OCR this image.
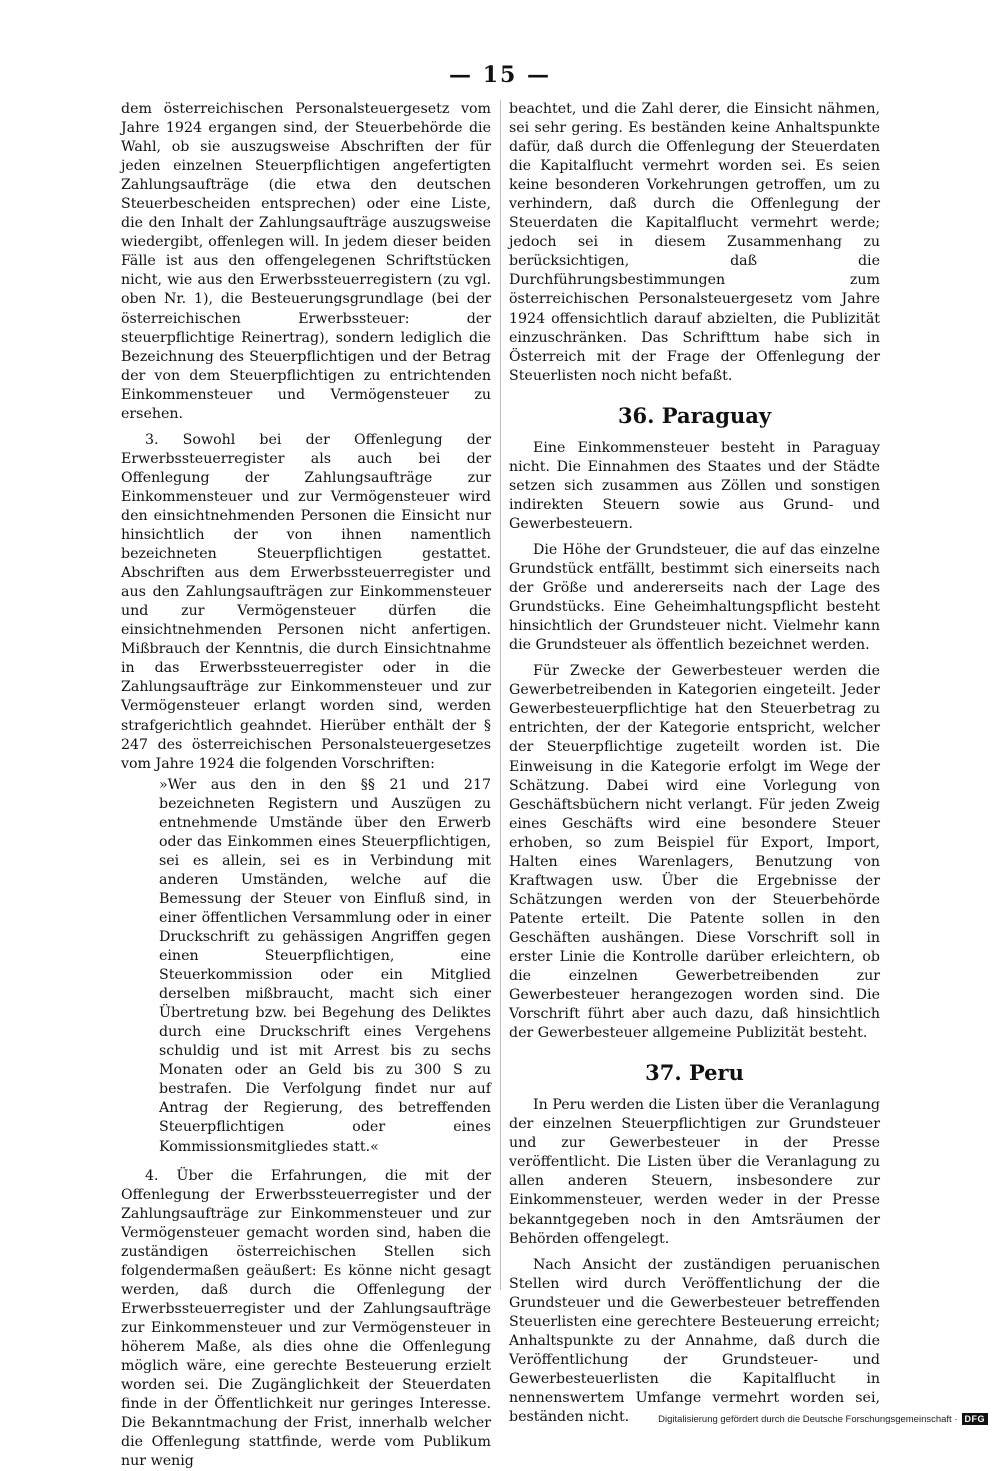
— 15 —

dem österreichischen Personalsteuergesetz vom Jahre 1924 ergangen sind, der Steuerbehörde die Wahl, ob sie auszugsweise Abschriften der für jeden einzelnen Steuerpflichtigen angefertigten Zahlungsaufträge (die etwa den deutschen Steuerbescheiden entsprechen) oder eine Liste, die den Inhalt der Zahlungsaufträge auszugsweise wiedergibt, offenlegen will. In jedem dieser beiden Fälle ist aus den offengelegenen Schriftstücken nicht, wie aus den Erwerbssteuerregistern (zu vgl. oben Nr. 1), die Besteuerungsgrundlage (bei der österreichischen Erwerbssteuer: der steuerpflichtige Reinertrag), sondern lediglich die Bezeichnung des Steuerpflichtigen und der Betrag der von dem Steuerpflichtigen zu entrichtenden Einkommensteuer und Vermögensteuer zu ersehen.

3. Sowohl bei der Offenlegung der Erwerbssteuerregister als auch bei der Offenlegung der Zahlungsaufträge zur Einkommensteuer und zur Vermögensteuer wird den einsichtnehmenden Personen die Einsicht nur hinsichtlich der von ihnen namentlich bezeichneten Steuerpflichtigen gestattet. Abschriften aus dem Erwerbssteuerregister und aus den Zahlungsaufträgen zur Einkommensteuer und zur Vermögensteuer dürfen die einsichtnehmenden Personen nicht anfertigen. Mißbrauch der Kenntnis, die durch Einsichtnahme in das Erwerbssteuerregister oder in die Zahlungsaufträge zur Einkommensteuer und zur Vermögensteuer erlangt worden sind, werden strafgerichtlich geahndet. Hierüber enthält der § 247 des österreichischen Personalsteuergesetzes vom Jahre 1924 die folgenden Vorschriften:

»Wer aus den in den §§ 21 und 217 bezeichneten Registern und Auszügen zu entnehmende Umstände über den Erwerb oder das Einkommen eines Steuerpflichtigen, sei es allein, sei es in Verbindung mit anderen Umständen, welche auf die Bemessung der Steuer von Einfluß sind, in einer öffentlichen Versammlung oder in einer Druckschrift zu gehässigen Angriffen gegen einen Steuerpflichtigen, eine Steuerkommission oder ein Mitglied derselben mißbraucht, macht sich einer Übertretung bzw. bei Begehung des Deliktes durch eine Druckschrift eines Vergehens schuldig und ist mit Arrest bis zu sechs Monaten oder an Geld bis zu 300 S zu bestrafen. Die Verfolgung findet nur auf Antrag der Regierung, des betreffenden Steuerpflichtigen oder eines Kommissionsmitgliedes statt.«

4. Über die Erfahrungen, die mit der Offenlegung der Erwerbssteuerregister und der Zahlungsaufträge zur Einkommensteuer und zur Vermögensteuer gemacht worden sind, haben die zuständigen österreichischen Stellen sich folgendermaßen geäußert: Es könne nicht gesagt werden, daß durch die Offenlegung der Erwerbssteuerregister und der Zahlungsaufträge zur Einkommensteuer und zur Vermögensteuer in höherem Maße, als dies ohne die Offenlegung möglich wäre, eine gerechte Besteuerung erzielt worden sei. Die Zugänglichkeit der Steuerdaten finde in der Öffentlichkeit nur geringes Interesse. Die Bekanntmachung der Frist, innerhalb welcher die Offenlegung stattfinde, werde vom Publikum nur wenig

beachtet, und die Zahl derer, die Einsicht nähmen, sei sehr gering. Es beständen keine Anhaltspunkte dafür, daß durch die Offenlegung der Steuerdaten die Kapitalflucht vermehrt worden sei. Es seien keine besonderen Vorkehrungen getroffen, um zu verhindern, daß durch die Offenlegung der Steuerdaten die Kapitalflucht vermehrt werde; jedoch sei in diesem Zusammenhang zu berücksichtigen, daß die Durchführungsbestimmungen zum österreichischen Personalsteuergesetz vom Jahre 1924 offensichtlich darauf abzielten, die Publizität einzuschränken. Das Schrifttum habe sich in Österreich mit der Frage der Offenlegung der Steuerlisten noch nicht befaßt.

36. Paraguay

Eine Einkommensteuer besteht in Paraguay nicht. Die Einnahmen des Staates und der Städte setzen sich zusammen aus Zöllen und sonstigen indirekten Steuern sowie aus Grund- und Gewerbesteuern.

Die Höhe der Grundsteuer, die auf das einzelne Grundstück entfällt, bestimmt sich einerseits nach der Größe und andererseits nach der Lage des Grundstücks. Eine Geheimhaltungspflicht besteht hinsichtlich der Grundsteuer nicht. Vielmehr kann die Grundsteuer als öffentlich bezeichnet werden.

Für Zwecke der Gewerbesteuer werden die Gewerbetreibenden in Kategorien eingeteilt. Jeder Gewerbesteuerpflichtige hat den Steuerbetrag zu entrichten, der der Kategorie entspricht, welcher der Steuerpflichtige zugeteilt worden ist. Die Einweisung in die Kategorie erfolgt im Wege der Schätzung. Dabei wird eine Vorlegung von Geschäftsbüchern nicht verlangt. Für jeden Zweig eines Geschäfts wird eine besondere Steuer erhoben, so zum Beispiel für Export, Import, Halten eines Warenlagers, Benutzung von Kraftwagen usw. Über die Ergebnisse der Schätzungen werden von der Steuerbehörde Patente erteilt. Die Patente sollen in den Geschäften aushängen. Diese Vorschrift soll in erster Linie die Kontrolle darüber erleichtern, ob die einzelnen Gewerbetreibenden zur Gewerbesteuer herangezogen worden sind. Die Vorschrift führt aber auch dazu, daß hinsichtlich der Gewerbesteuer allgemeine Publizität besteht.

37. Peru

In Peru werden die Listen über die Veranlagung der einzelnen Steuerpflichtigen zur Grundsteuer und zur Gewerbesteuer in der Presse veröffentlicht. Die Listen über die Veranlagung zu allen anderen Steuern, insbesondere zur Einkommensteuer, werden weder in der Presse bekanntgegeben noch in den Amtsräumen der Behörden offengelegt.

Nach Ansicht der zuständigen peruanischen Stellen wird durch Veröffentlichung der die Grundsteuer und die Gewerbesteuer betreffenden Steuerlisten eine gerechtere Besteuerung erreicht; Anhaltspunkte zu der Annahme, daß durch die Veröffentlichung der Grundsteuer- und Gewerbesteuerlisten die Kapitalflucht in nennenswertem Umfange vermehrt worden sei, beständen nicht.	Digitalisierung gefördert durch die Deutsche Forschungsgemeinschaft · DFG
